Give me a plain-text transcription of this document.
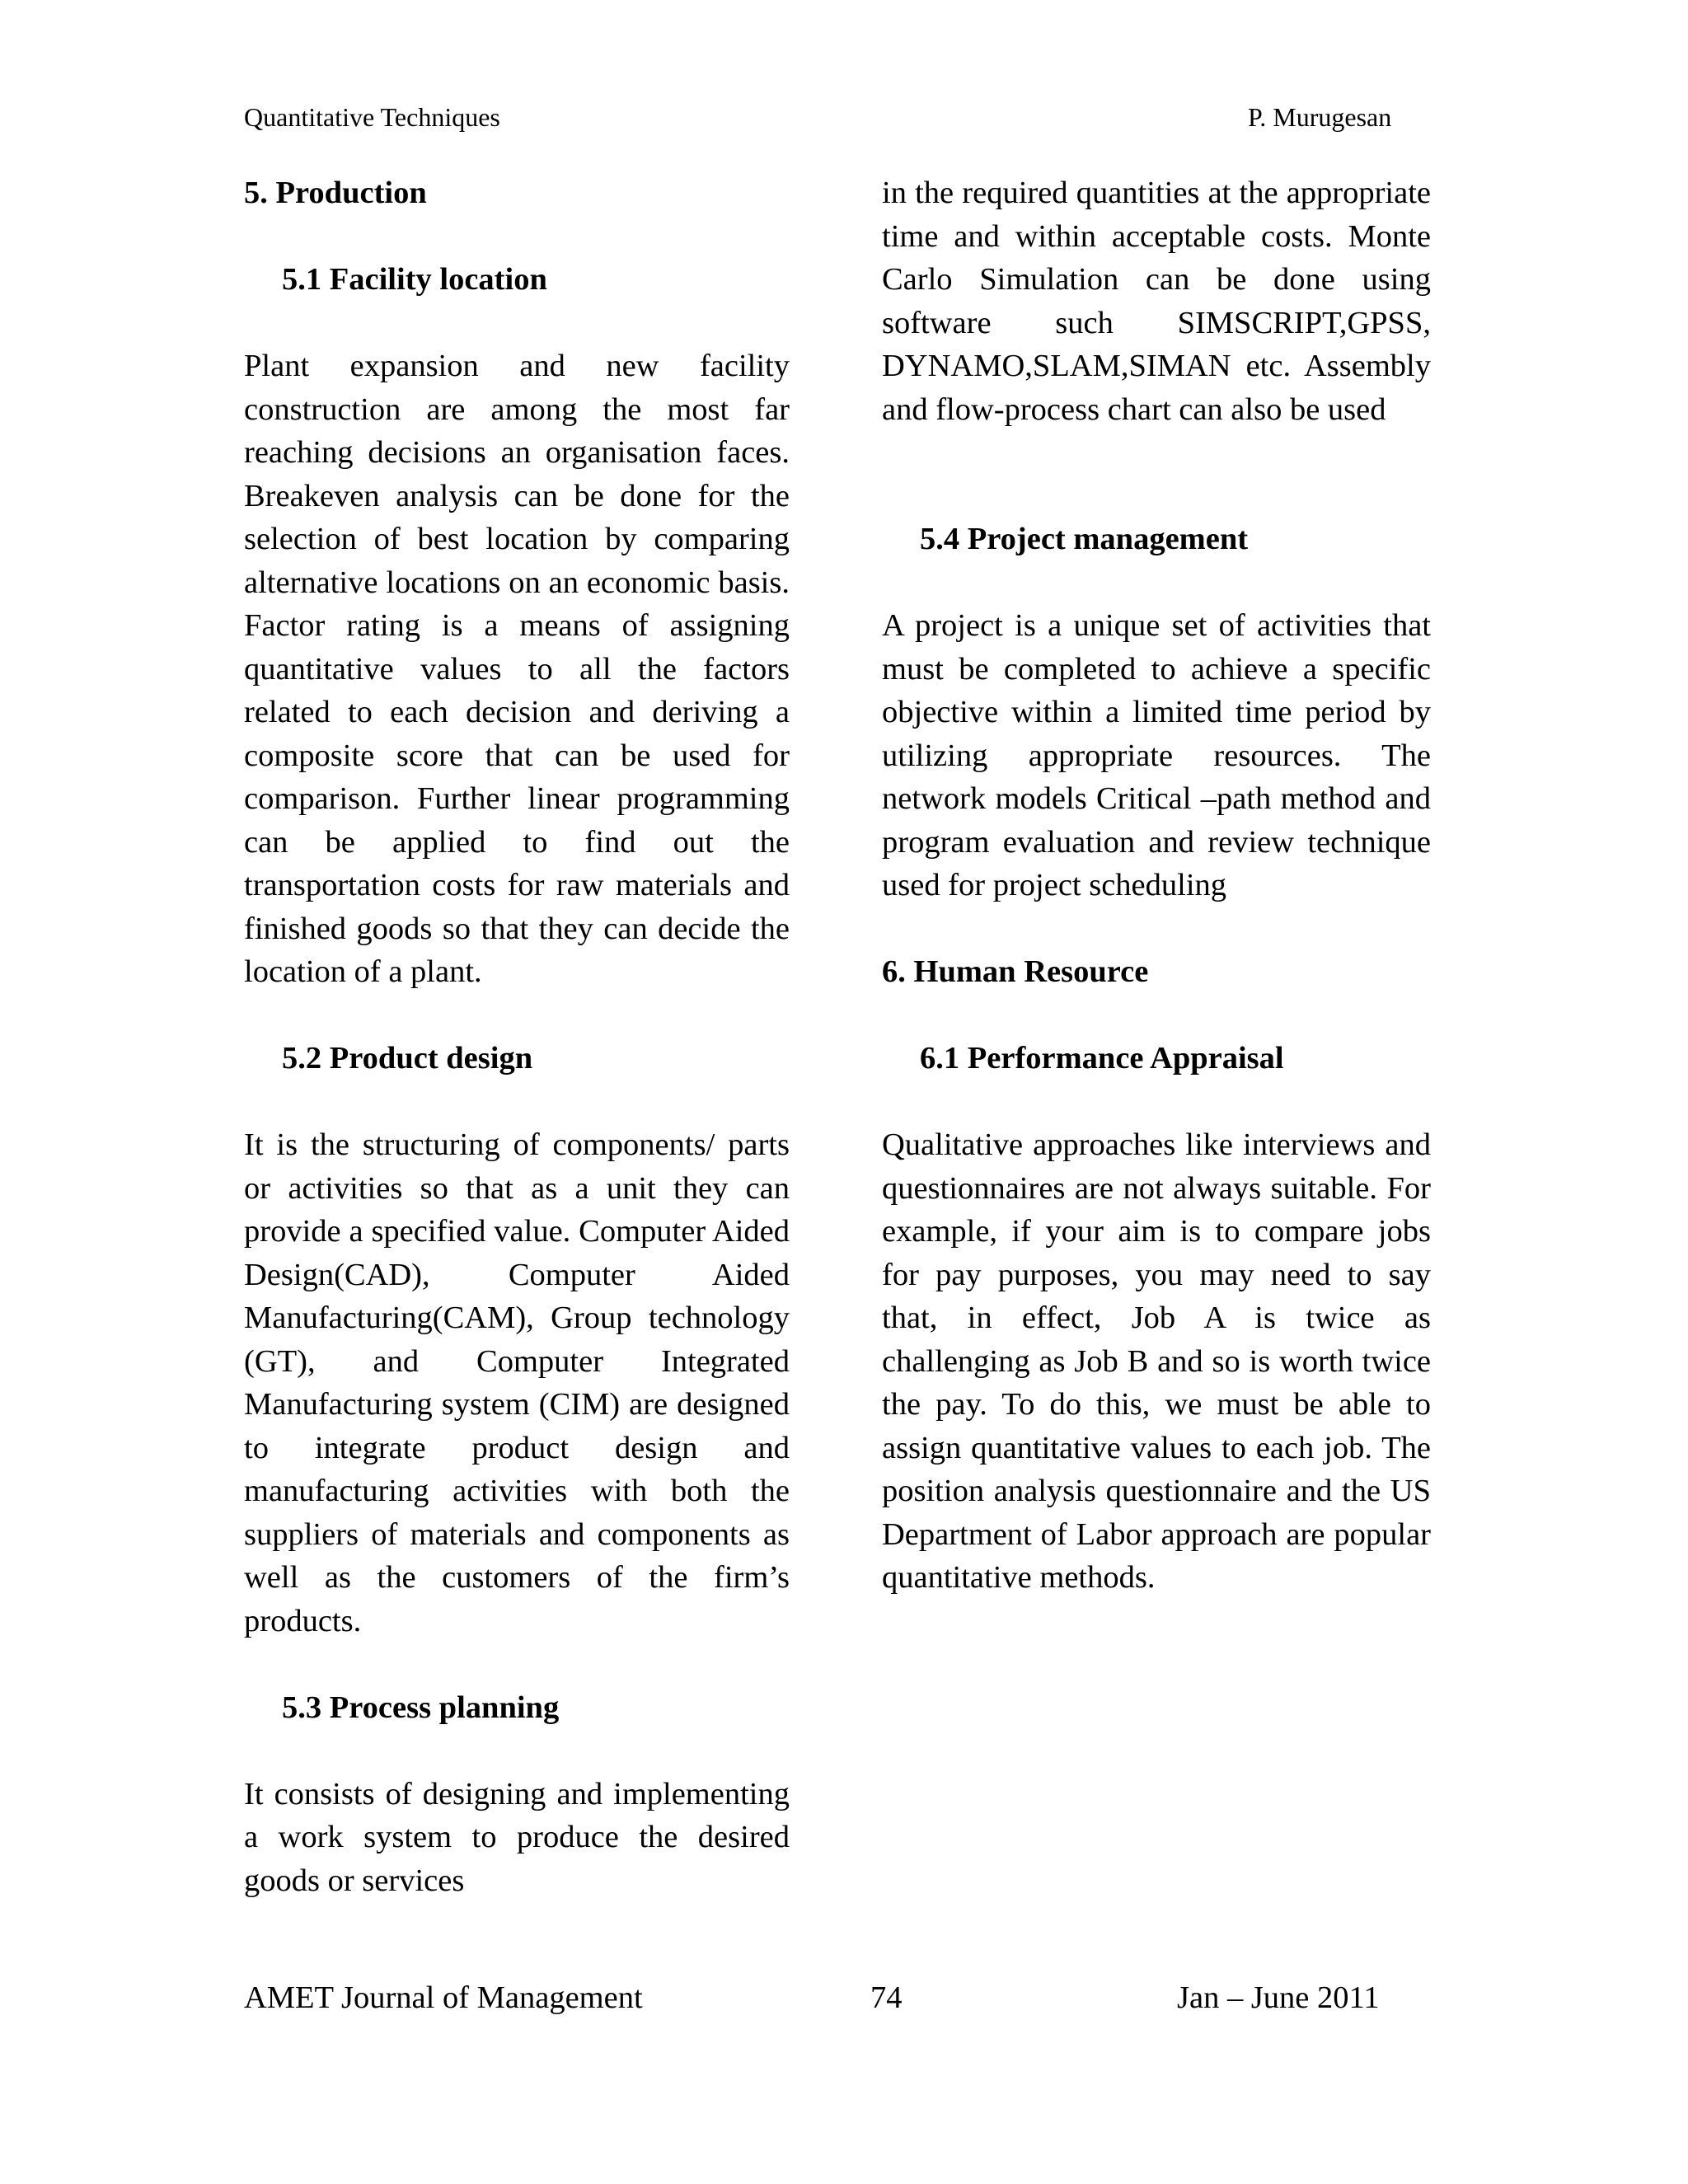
Quantitative Techniques	P. Murugesan
5. Production
5.1 Facility location

Plant expansion and new facility construction are among the most far reaching decisions an organisation faces. Breakeven analysis can be done for the selection of best location by comparing alternative locations on an economic basis. Factor rating is a means of assigning quantitative values to all the factors related to each decision and deriving a composite score that can be used for comparison. Further linear programming can be applied to find out the transportation costs for raw materials and finished goods so that they can decide the location of a plant.

5.2 Product design

It is the structuring of components/ parts or activities so that as a unit they can provide a specified value. Computer Aided Design(CAD), Computer Aided Manufacturing(CAM), Group technology (GT), and Computer Integrated Manufacturing system (CIM) are designed to integrate product design and manufacturing activities with both the suppliers of materials and components as well as the customers of the firm’s products.

5.3 Process planning

It consists of designing and implementing a work system to produce the desired goods or services

in the required quantities at the appropriate time and within acceptable costs. Monte Carlo Simulation can be done using software such SIMSCRIPT,GPSS, DYNAMO,SLAM,SIMAN etc. Assembly and flow-process chart can also be used

5.4 Project management

A project is a unique set of activities that must be completed to achieve a specific objective within a limited time period by utilizing appropriate resources. The network models Critical –path method and program evaluation and review technique used for project scheduling

6. Human Resource
6.1 Performance Appraisal

Qualitative approaches like interviews and questionnaires are not always suitable. For example, if your aim is to compare jobs for pay purposes, you may need to say that, in effect, Job A is twice as challenging as Job B and so is worth twice the pay. To do this, we must be able to assign quantitative values to each job. The position analysis questionnaire and the US Department of Labor approach are popular quantitative methods.

AMET Journal of Management	74	Jan – June 2011
